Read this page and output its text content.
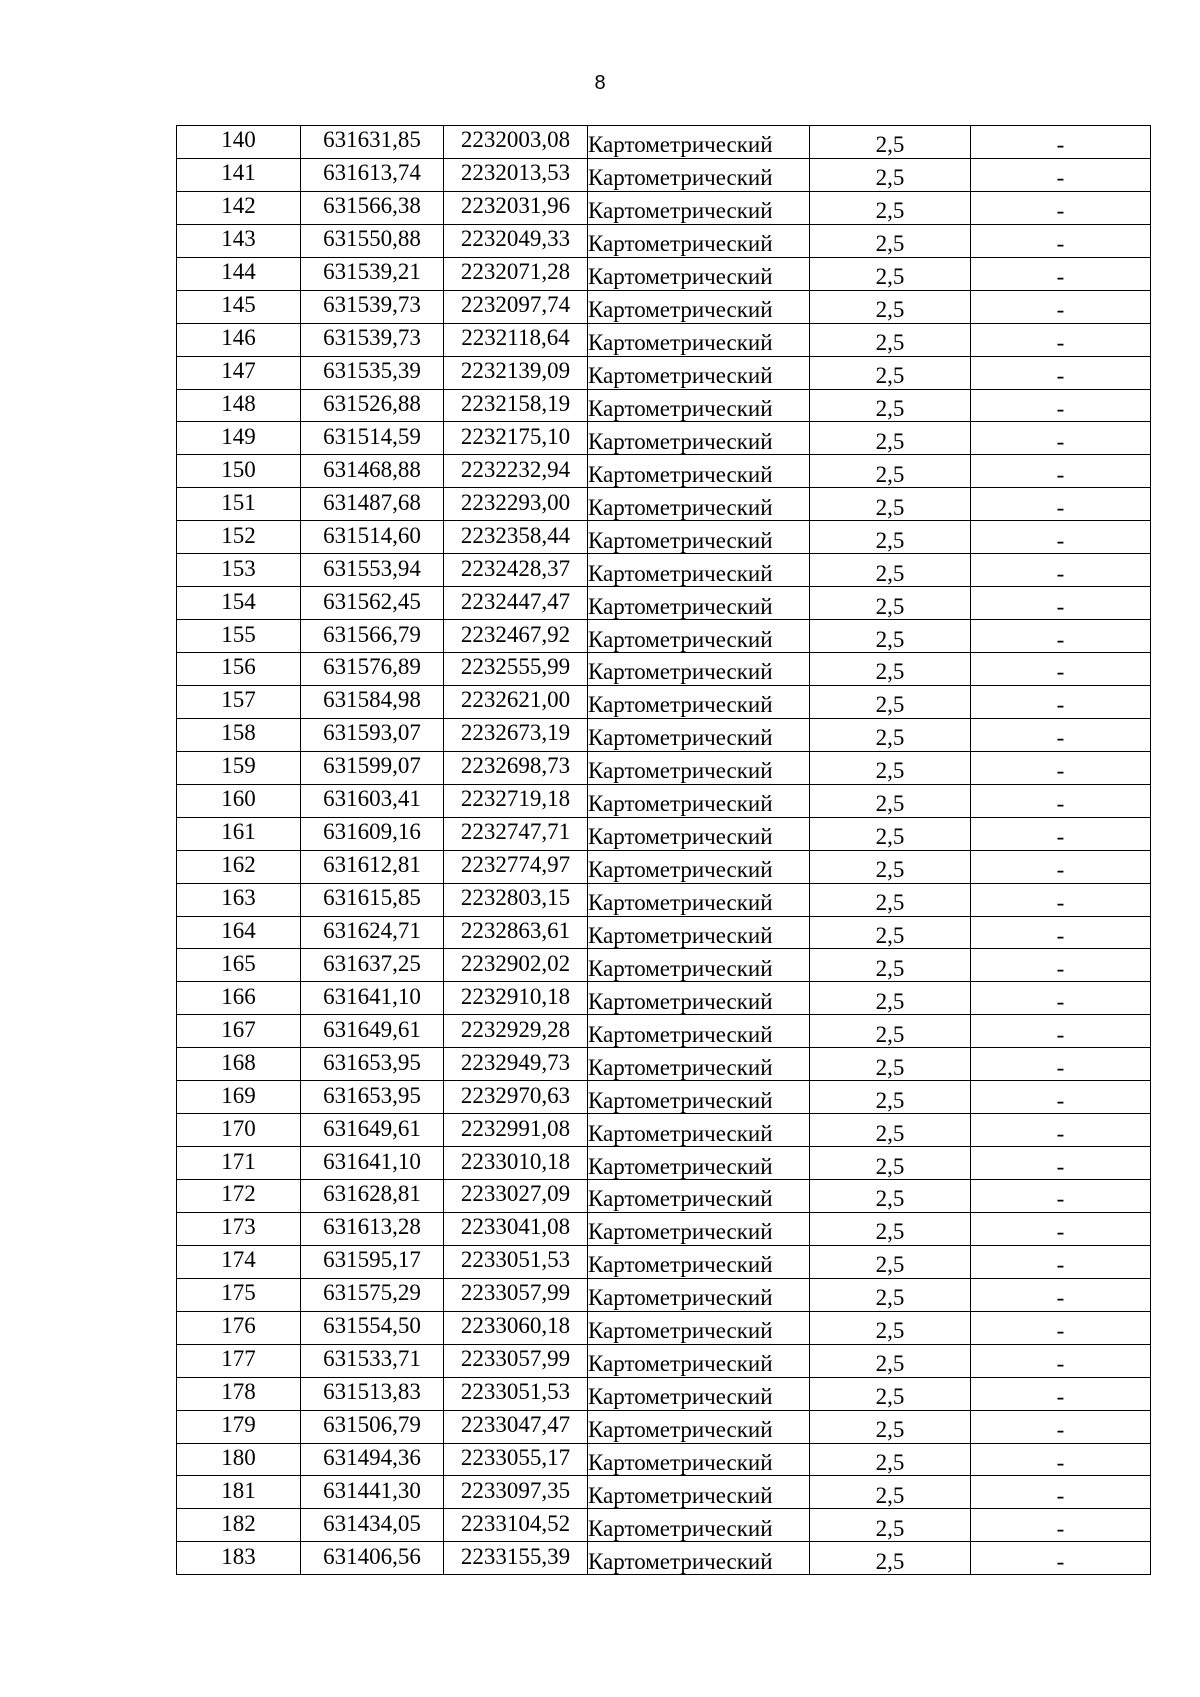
8
140	631631,85	2232003,08	Картометрический	2,5	-
141	631613,74	2232013,53	Картометрический	2,5	-
142	631566,38	2232031,96	Картометрический	2,5	-
143	631550,88	2232049,33	Картометрический	2,5	-
144	631539,21	2232071,28	Картометрический	2,5	-
145	631539,73	2232097,74	Картометрический	2,5	-
146	631539,73	2232118,64	Картометрический	2,5	-
147	631535,39	2232139,09	Картометрический	2,5	-
148	631526,88	2232158,19	Картометрический	2,5	-
149	631514,59	2232175,10	Картометрический	2,5	-
150	631468,88	2232232,94	Картометрический	2,5	-
151	631487,68	2232293,00	Картометрический	2,5	-
152	631514,60	2232358,44	Картометрический	2,5	-
153	631553,94	2232428,37	Картометрический	2,5	-
154	631562,45	2232447,47	Картометрический	2,5	-
155	631566,79	2232467,92	Картометрический	2,5	-
156	631576,89	2232555,99	Картометрический	2,5	-
157	631584,98	2232621,00	Картометрический	2,5	-
158	631593,07	2232673,19	Картометрический	2,5	-
159	631599,07	2232698,73	Картометрический	2,5	-
160	631603,41	2232719,18	Картометрический	2,5	-
161	631609,16	2232747,71	Картометрический	2,5	-
162	631612,81	2232774,97	Картометрический	2,5	-
163	631615,85	2232803,15	Картометрический	2,5	-
164	631624,71	2232863,61	Картометрический	2,5	-
165	631637,25	2232902,02	Картометрический	2,5	-
166	631641,10	2232910,18	Картометрический	2,5	-
167	631649,61	2232929,28	Картометрический	2,5	-
168	631653,95	2232949,73	Картометрический	2,5	-
169	631653,95	2232970,63	Картометрический	2,5	-
170	631649,61	2232991,08	Картометрический	2,5	-
171	631641,10	2233010,18	Картометрический	2,5	-
172	631628,81	2233027,09	Картометрический	2,5	-
173	631613,28	2233041,08	Картометрический	2,5	-
174	631595,17	2233051,53	Картометрический	2,5	-
175	631575,29	2233057,99	Картометрический	2,5	-
176	631554,50	2233060,18	Картометрический	2,5	-
177	631533,71	2233057,99	Картометрический	2,5	-
178	631513,83	2233051,53	Картометрический	2,5	-
179	631506,79	2233047,47	Картометрический	2,5	-
180	631494,36	2233055,17	Картометрический	2,5	-
181	631441,30	2233097,35	Картометрический	2,5	-
182	631434,05	2233104,52	Картометрический	2,5	-
183	631406,56	2233155,39	Картометрический	2,5	-
